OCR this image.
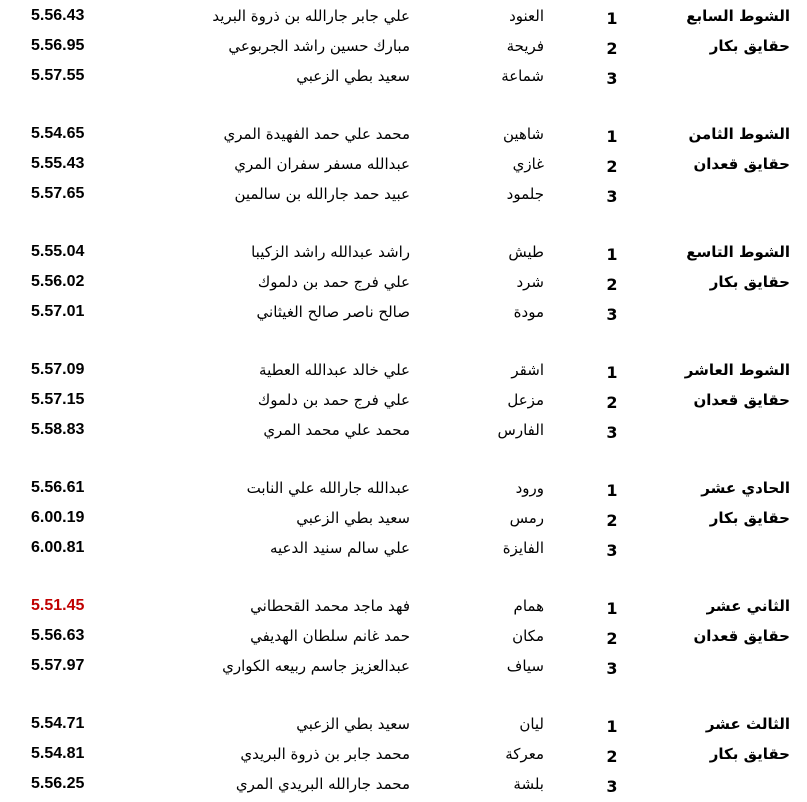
الشوط السابع
حقايق بكار
1
العنود
علي جابر جارالله بن ذروة البريد
5.56.43
2
فريحة
مبارك حسين راشد الجربوعي
5.56.95
3
شماعة
سعيد بطي الزعبي
5.57.55
الشوط الثامن
حقايق قعدان
1
شاهين
محمد علي حمد الفهيدة المري
5.54.65
2
غازي
عبدالله مسفر سفران المري
5.55.43
3
جلمود
عبيد حمد جارالله بن سالمين
5.57.65
الشوط التاسع
حقايق بكار
1
طيش
راشد عبدالله راشد الزكيبا
5.55.04
2
شرد
علي فرج حمد بن دلموك
5.56.02
3
مودة
صالح ناصر صالح الغيثاني
5.57.01
الشوط العاشر
حقايق قعدان
1
اشقر
علي خالد عبدالله العطية
5.57.09
2
مزعل
علي فرج حمد بن دلموك
5.57.15
3
الفارس
محمد علي محمد المري
5.58.83
الحادي عشر
حقايق بكار
1
ورود
عبدالله جارالله علي النابت
5.56.61
2
رمس
سعيد بطي الزعبي
6.00.19
3
الفايزة
علي سالم سنيد الدعيه
6.00.81
الثاني عشر
حقايق قعدان
1
همام
فهد ماجد محمد القحطاني
5.51.45
2
مكان
حمد غانم سلطان الهديفي
5.56.63
3
سياف
عبدالعزيز جاسم ربيعه الكواري
5.57.97
الثالث عشر
حقايق بكار
1
ليان
سعيد بطي الزعبي
5.54.71
2
معركة
محمد جابر بن ذروة البريدي
5.54.81
3
بلشة
محمد جارالله البريدي المري
5.56.25
